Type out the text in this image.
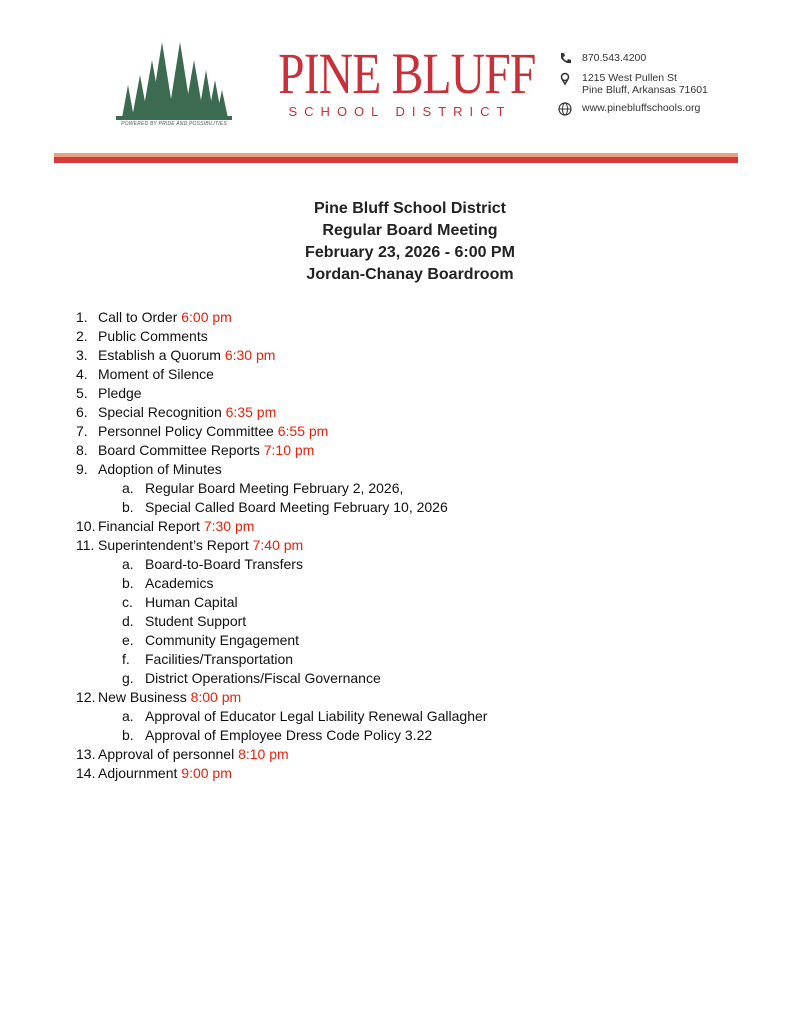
POWERED BY PRIDE AND POSSIBILITIES
PINE BLUFF
SCHOOL DISTRICT
870.543.4200
1215 West Pullen St
Pine Bluff, Arkansas 71601
www.pinebluffschools.org
Pine Bluff School District
Regular Board Meeting
February 23, 2026 - 6:00 PM
Jordan-Chanay Boardroom
1. Call to Order 6:00 pm
2. Public Comments
3. Establish a Quorum 6:30 pm
4. Moment of Silence
5. Pledge
6. Special Recognition 6:35 pm
7. Personnel Policy Committee 6:55 pm
8. Board Committee Reports 7:10 pm
9. Adoption of Minutes
a. Regular Board Meeting February 2, 2026,
b. Special Called Board Meeting February 10, 2026
10. Financial Report 7:30 pm
11. Superintendent’s Report 7:40 pm
a. Board-to-Board Transfers
b. Academics
c. Human Capital
d. Student Support
e. Community Engagement
f.	Facilities/Transportation
g. District Operations/Fiscal Governance
12. New Business 8:00 pm
a. Approval of Educator Legal Liability Renewal Gallagher
b. Approval of Employee Dress Code Policy 3.22
13. Approval of personnel 8:10 pm
14. Adjournment 9:00 pm
